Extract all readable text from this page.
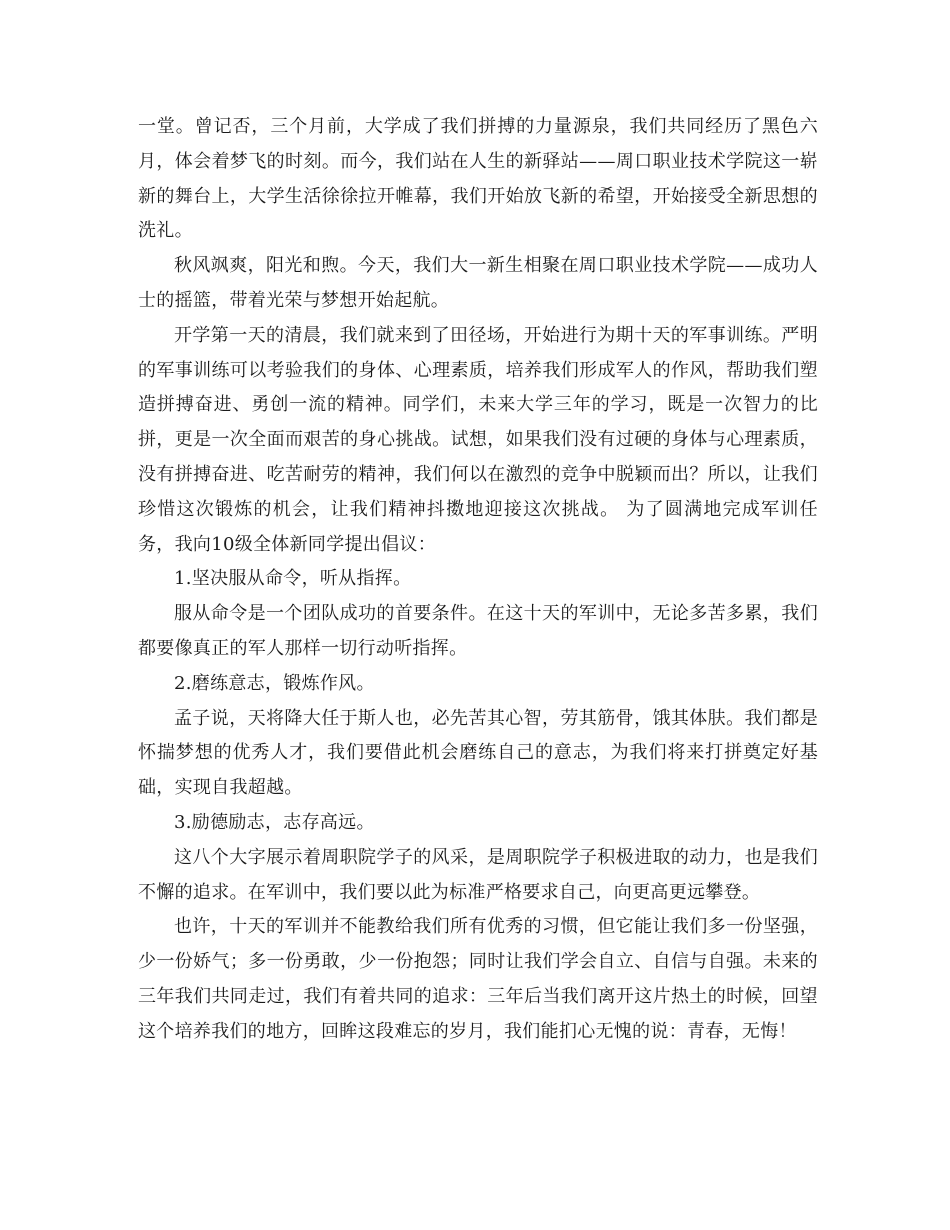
一堂。曾记否，三个月前，大学成了我们拼搏的力量源泉，我们共同经历了黑色六月，体会着梦飞的时刻。而今，我们站在人生的新驿站——周口职业技术学院这一崭新的舞台上，大学生活徐徐拉开帷幕，我们开始放飞新的希望，开始接受全新思想的洗礼。

秋风飒爽，阳光和煦。今天，我们大一新生相聚在周口职业技术学院——成功人士的摇篮，带着光荣与梦想开始起航。

开学第一天的清晨，我们就来到了田径场，开始进行为期十天的军事训练。严明的军事训练可以考验我们的身体、心理素质，培养我们形成军人的作风，帮助我们塑造拼搏奋进、勇创一流的精神。同学们，未来大学三年的学习，既是一次智力的比拼，更是一次全面而艰苦的身心挑战。试想，如果我们没有过硬的身体与心理素质，没有拼搏奋进、吃苦耐劳的精神，我们何以在激烈的竞争中脱颖而出？所以，让我们珍惜这次锻炼的机会，让我们精神抖擞地迎接这次挑战。 为了圆满地完成军训任务，我向10级全体新同学提出倡议：

1.坚决服从命令，听从指挥。

服从命令是一个团队成功的首要条件。在这十天的军训中，无论多苦多累，我们都要像真正的军人那样一切行动听指挥。

2.磨练意志，锻炼作风。

孟子说，天将降大任于斯人也，必先苦其心智，劳其筋骨，饿其体肤。我们都是怀揣梦想的优秀人才，我们要借此机会磨练自己的意志，为我们将来打拼奠定好基础，实现自我超越。

3.励德励志，志存高远。

这八个大字展示着周职院学子的风采，是周职院学子积极进取的动力，也是我们不懈的追求。在军训中，我们要以此为标准严格要求自己，向更高更远攀登。

也许，十天的军训并不能教给我们所有优秀的习惯，但它能让我们多一份坚强，少一份娇气；多一份勇敢，少一份抱怨；同时让我们学会自立、自信与自强。未来的三年我们共同走过，我们有着共同的追求：三年后当我们离开这片热土的时候，回望这个培养我们的地方，回眸这段难忘的岁月，我们能扪心无愧的说：青春，无悔！
